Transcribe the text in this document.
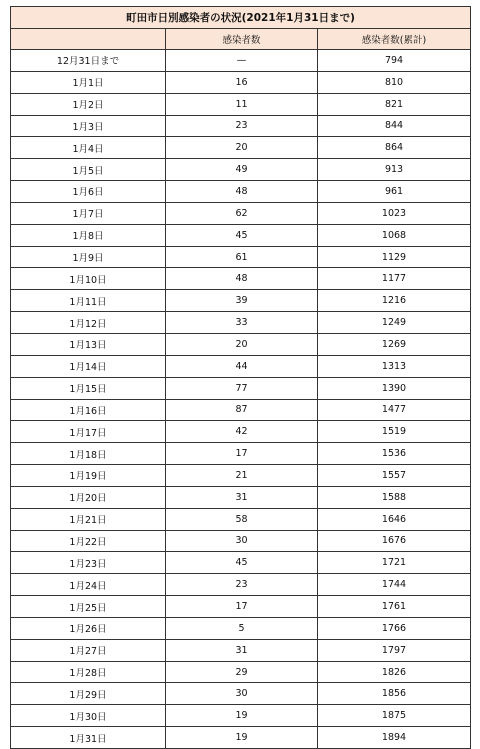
町田市日別感染者の状況(2021年1月31日まで)		
	感染者数	感染者数(累計)
12月31日まで	—	794
1月1日	16	810
1月2日	11	821
1月3日	23	844
1月4日	20	864
1月5日	49	913
1月6日	48	961
1月7日	62	1023
1月8日	45	1068
1月9日	61	1129
1月10日	48	1177
1月11日	39	1216
1月12日	33	1249
1月13日	20	1269
1月14日	44	1313
1月15日	77	1390
1月16日	87	1477
1月17日	42	1519
1月18日	17	1536
1月19日	21	1557
1月20日	31	1588
1月21日	58	1646
1月22日	30	1676
1月23日	45	1721
1月24日	23	1744
1月25日	17	1761
1月26日	5	1766
1月27日	31	1797
1月28日	29	1826
1月29日	30	1856
1月30日	19	1875
1月31日	19	1894
